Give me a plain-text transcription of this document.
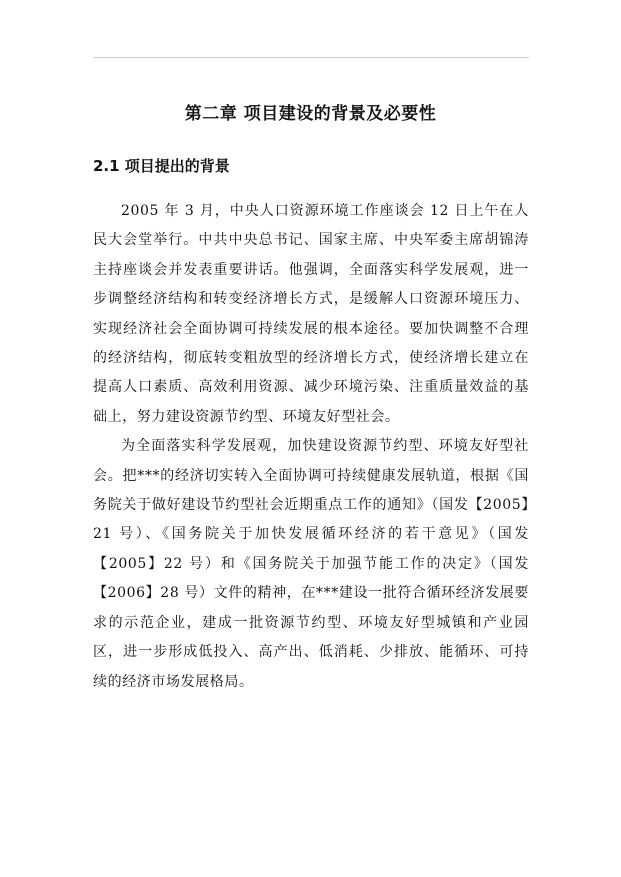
第二章 项目建设的背景及必要性
2.1 项目提出的背景

2005 年 3 月，中央人口资源环境工作座谈会 12 日上午在人民大会堂举行。中共中央总书记、国家主席、中央军委主席胡锦涛主持座谈会并发表重要讲话。他强调，全面落实科学发展观，进一步调整经济结构和转变经济增长方式，是缓解人口资源环境压力、实现经济社会全面协调可持续发展的根本途径。要加快调整不合理的经济结构，彻底转变粗放型的经济增长方式，使经济增长建立在提高人口素质、高效利用资源、减少环境污染、注重质量效益的基础上，努力建设资源节约型、环境友好型社会。

为全面落实科学发展观，加快建设资源节约型、环境友好型社会。把***的经济切实转入全面协调可持续健康发展轨道，根据《国务院关于做好建设节约型社会近期重点工作的通知》（国发【2005】21 号）、《国务院关于加快发展循环经济的若干意见》（国发【2005】22 号）和《国务院关于加强节能工作的决定》（国发【2006】28 号）文件的精神，在***建设一批符合循环经济发展要求的示范企业，建成一批资源节约型、环境友好型城镇和产业园区，进一步形成低投入、高产出、低消耗、少排放、能循环、可持续的经济市场发展格局。
